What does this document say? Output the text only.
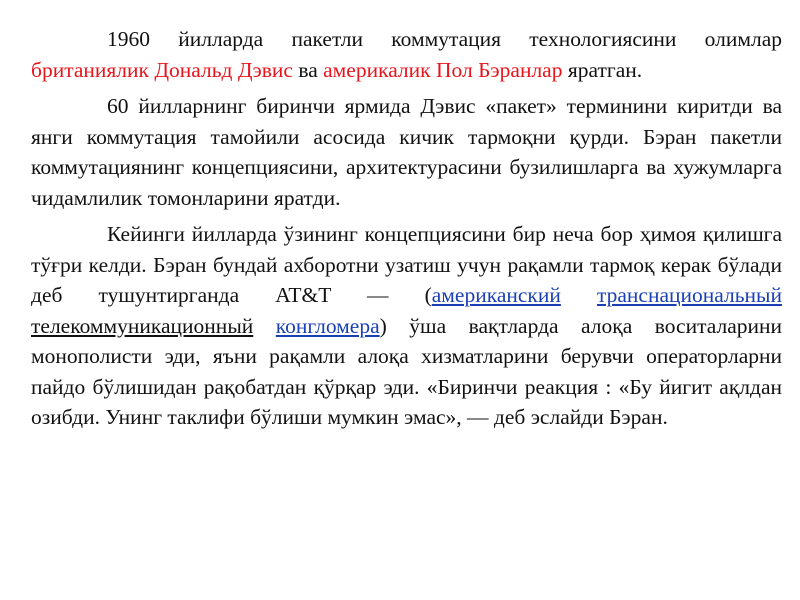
1960 йилларда пакетли коммутация технологиясини олимлар британиялик Дональд Дэвис ва америкалик Пол Бэранлар яратган.

60 йилларнинг биринчи ярмида Дэвис «пакет» терминини киритди ва янги коммутация тамойили асосида кичик тармоқни қурди. Бэран пакетли коммутациянинг концепциясини, архитектурасини бузилишларга ва хужумларга чидамлилик томонларини яратди.

Кейинги йилларда ўзининг концепциясини бир неча бор ҳимоя қилишга тўғри келди. Бэран бундай ахборотни узатиш учун рақамли тармоқ керак бўлади деб тушунтирганда AT&T — (американский транснациональный телекоммуникационный конгломера) ўша вақтларда алоқа воситаларини монополисти эди, яъни рақамли алоқа хизматларини берувчи операторларни пайдо бўлишидан рақобатдан қўрқар эди. «Биринчи реакция : «Бу йигит ақлдан озибди. Унинг таклифи бўлиши мумкин эмас», — деб эслайди Бэран.
